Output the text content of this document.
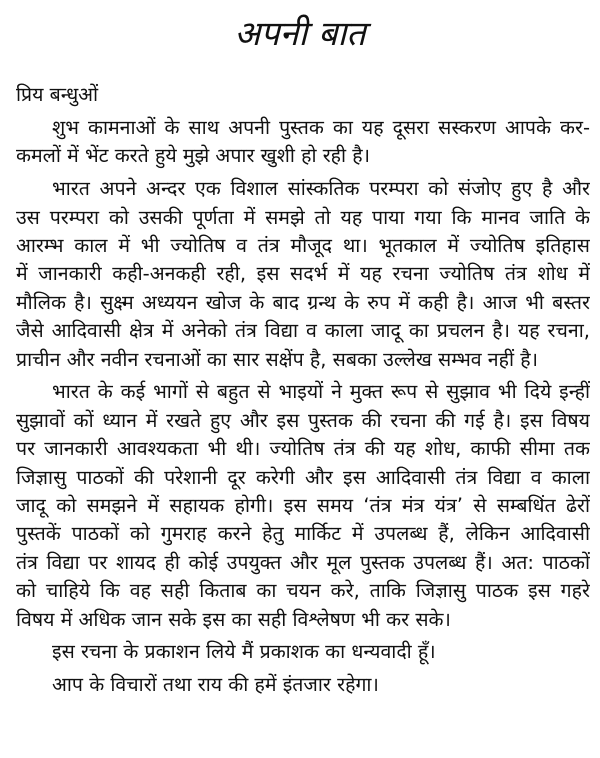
अपनी बात
प्रिय बन्धुओं
शुभ कामनाओं के साथ अपनी पुस्तक का यह दूसरा सस्करण आपके कर-
कमलों में भेंट करते हुये मुझे अपार खुशी हो रही है।
भारत अपने अन्दर एक विशाल सांस्कतिक परम्परा को संजोए हुए है और
उस परम्परा को उसकी पूर्णता में समझे तो यह पाया गया कि मानव जाति के
आरम्भ काल में भी ज्योतिष व तंत्र मौजूद था। भूतकाल में ज्योतिष इतिहास
में जानकारी कही-अनकही रही, इस सदर्भ में यह रचना ज्योतिष तंत्र शोध में
मौलिक है। सुक्ष्म अध्ययन खोज के बाद ग्रन्थ के रुप में कही है। आज भी बस्तर
जैसे आदिवासी क्षेत्र में अनेको तंत्र विद्या व काला जादू का प्रचलन है। यह रचना,
प्राचीन और नवीन रचनाओं का सार सक्षेंप है, सबका उल्लेख सम्भव नहीं है।
भारत के कई भागों से बहुत से भाइयों ने मुक्त रूप से सुझाव भी दिये इन्हीं
सुझावों कों ध्यान में रखते हुए और इस पुस्तक की रचना की गई है। इस विषय
पर जानकारी आवश्यकता भी थी। ज्योतिष तंत्र की यह शोध, काफी सीमा तक
जिज्ञासु पाठकों की परेशानी दूर करेगी और इस आदिवासी तंत्र विद्या व काला
जादू को समझने में सहायक होगी। इस समय ‘तंत्र मंत्र यंत्र’ से सम्बधिंत ढेरों
पुस्तकें पाठकों को गुमराह करने हेतु मार्किट में उपलब्ध हैं, लेकिन आदिवासी
तंत्र विद्या पर शायद ही कोई उपयुक्त और मूल पुस्तक उपलब्ध हैं। अत: पाठकों
को चाहिये कि वह सही किताब का चयन करे, ताकि जिज्ञासु पाठक इस गहरे
विषय में अधिक जान सके इस का सही विश्लेषण भी कर सके।
इस रचना के प्रकाशन लिये मैं प्रकाशक का धन्यवादी हूँ।
आप के विचारों तथा राय की हमें इंतजार रहेगा।
